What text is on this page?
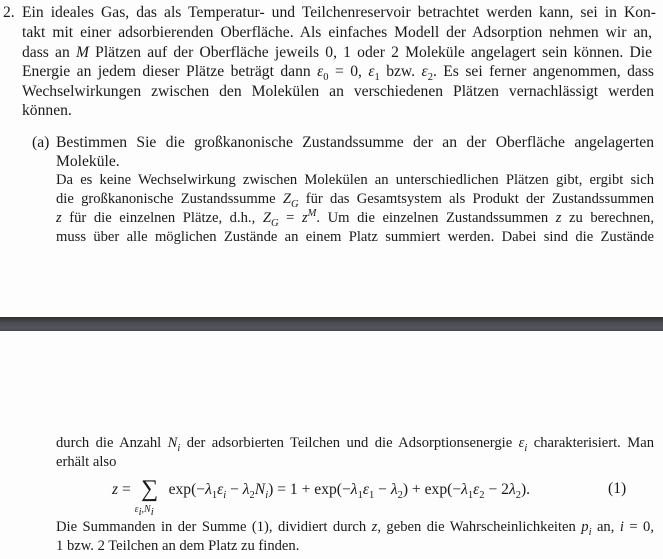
2. Ein ideales Gas, das als Temperatur- und Teilchenreservoir betrachtet werden kann, sei in Kon-
takt mit einer adsorbierenden Oberfläche. Als einfaches Modell der Adsorption nehmen wir an,
dass an M Plätzen auf der Oberfläche jeweils 0, 1 oder 2 Moleküle angelagert sein können. Die
Energie an jedem dieser Plätze beträgt dann $\varepsilon_0 = 0$, $\varepsilon_1$ bzw. $\varepsilon_2$. Es sei ferner angenommen, dass
Wechselwirkungen zwischen den Molekülen an verschiedenen Plätzen vernachlässigt werden
können.
(a) Bestimmen Sie die großkanonische Zustandssumme der an der Oberfläche angelagerten
Moleküle.
Da es keine Wechselwirkung zwischen Molekülen an unterschiedlichen Plätzen gibt, ergibt sich
die großkanonische Zustandssumme $Z_G$ für das Gesamtsystem als Produkt der Zustandssummen
z für die einzelnen Plätze, d.h., $Z_G = z^M$. Um die einzelnen Zustandssummen z zu berechnen,
muss über alle möglichen Zustände an einem Platz summiert werden. Dabei sind die Zustände
durch die Anzahl $N_i$ der adsorbierten Teilchen und die Adsorptionsenergie $\varepsilon_i$ charakterisiert. Man
erhält also
z = ∑
$\varepsilon_i,N_i$
$\exp(-\lambda_1\varepsilon_i - \lambda_2N_i) = 1 + \exp(-\lambda_1\varepsilon_1 - \lambda_2) + \exp(-\lambda_1\varepsilon_2 - 2\lambda_2)$.	(1)
Die Summanden in der Summe (1), dividiert durch z, geben die Wahrscheinlichkeiten $p_i$ an, i = 0,
1 bzw. 2 Teilchen an dem Platz zu finden.
